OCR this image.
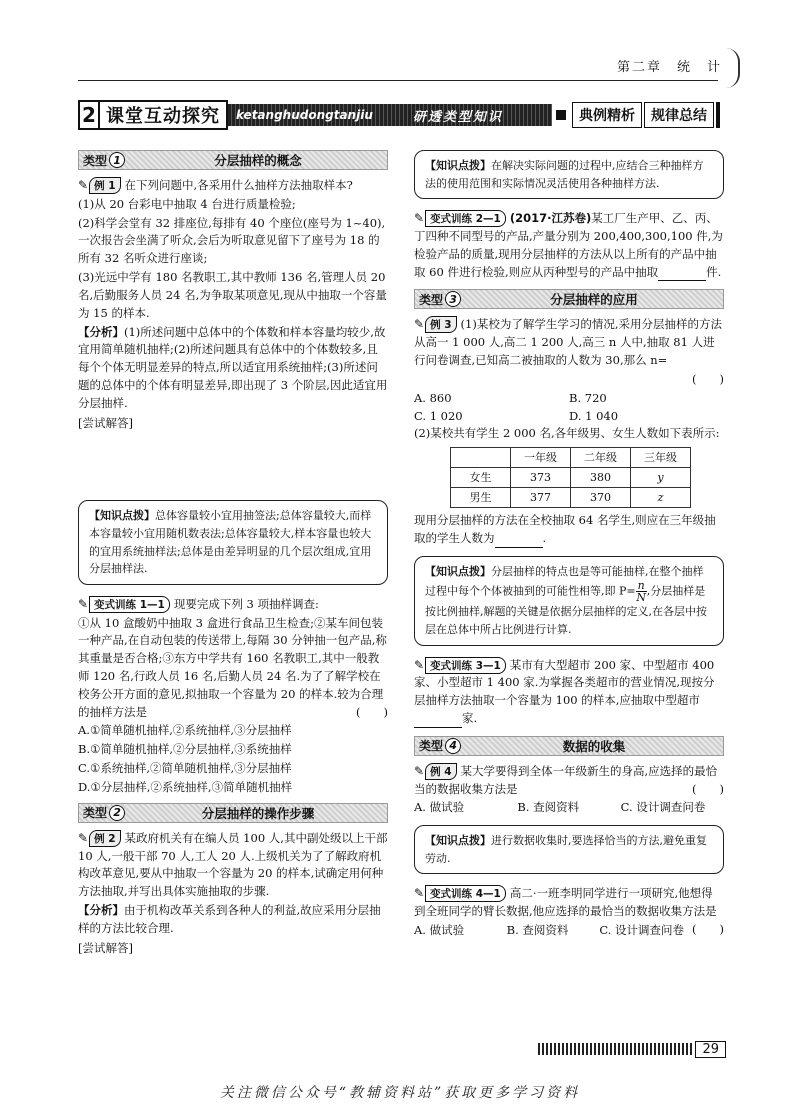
第二章　统　计
2 课堂互动探究	ketanghudongtanjiu	研透类型知识	典例精析	规律总结
类型 1	分层抽样的概念

✎ 例 1 在下列问题中,各采用什么抽样方法抽取样本?

(1)从 20 台彩电中抽取 4 台进行质量检验;

(2)科学会堂有 32 排座位,每排有 40 个座位(座号为 1~40),一次报告会坐满了听众,会后为听取意见留下了座号为 18 的所有 32 名听众进行座谈;

(3)光远中学有 180 名教职工,其中教师 136 名,管理人员 20 名,后勤服务人员 24 名,为争取某项意见,现从中抽取一个容量为 15 的样本.

【分析】(1)所述问题中总体中的个体数和样本容量均较少,故宜用简单随机抽样;(2)所述问题具有总体中的个体数较多,且每个个体无明显差异的特点,所以适宜用系统抽样;(3)所述问题的总体中的个体有明显差异,即出现了 3 个阶层,因此适宜用分层抽样.

[尝试解答]

【知识点拨】总体容量较小宜用抽签法;总体容量较大,而样本容量较小宜用随机数表法;总体容量较大,样本容量也较大的宜用系统抽样法;总体是由差异明显的几个层次组成,宜用分层抽样法.

✎ 变式训练 1—1 现要完成下列 3 项抽样调查:

①从 10 盒酸奶中抽取 3 盒进行食品卫生检查;②某车间包装一种产品,在自动包装的传送带上,每隔 30 分钟抽一包产品,称其重量是否合格;③东方中学共有 160 名教职工,其中一般教师 120 名,行政人员 16 名,后勤人员 24 名.为了了解学校在校务公开方面的意见,拟抽取一个容量为 20 的样本.较为合理的抽样方法是	(　　)

A.①简单随机抽样,②系统抽样,③分层抽样

B.①简单随机抽样,②分层抽样,③系统抽样

C.①系统抽样,②简单随机抽样,③分层抽样

D.①分层抽样,②系统抽样,③简单随机抽样

类型 2	分层抽样的操作步骤

✎ 例 2 某政府机关有在编人员 100 人,其中副处级以上干部 10 人,一般干部 70 人,工人 20 人.上级机关为了了解政府机构改革意见,要从中抽取一个容量为 20 的样本,试确定用何种方法抽取,并写出具体实施抽取的步骤.

【分析】由于机构改革关系到各种人的利益,故应采用分层抽样的方法比较合理.

[尝试解答]

【知识点拨】在解决实际问题的过程中,应结合三种抽样方法的使用范围和实际情况灵活使用各种抽样方法.

✎ 变式训练 2—1 (2017·江苏卷)某工厂生产甲、乙、丙、丁四种不同型号的产品,产量分别为 200,400,300,100 件,为检验产品的质量,现用分层抽样的方法从以上所有的产品中抽取 60 件进行检验,则应从丙种型号的产品中抽取	件.

类型 3	分层抽样的应用

✎ 例 3 (1)某校为了解学生学习的情况,采用分层抽样的方法从高一 1 000 人,高二 1 200 人,高三 n 人中,抽取 81 人进行问卷调查,已知高二被抽取的人数为 30,那么 n=

(　　)

A. 860	B. 720
C. 1 020	D. 1 040

(2)某校共有学生 2 000 名,各年级男、女生人数如下表所示:

	一年级	二年级	三年级
女生	373	380	y
男生	377	370	z

现用分层抽样的方法在全校抽取 64 名学生,则应在三年级抽取的学生人数为	.

【知识点拨】分层抽样的特点也是等可能抽样,在整个抽样过程中每个个体被抽到的可能性相等,即 $P= \frac{n}{N}$ ,分层抽样是按比例抽样,解题的关键是依据分层抽样的定义,在各层中按层在总体中所占比例进行计算.

✎ 变式训练 3—1 某市有大型超市 200 家、中型超市 400 家、小型超市 1 400 家.为掌握各类超市的营业情况,现按分层抽样方法抽取一个容量为 100 的样本,应抽取中型超市家.

类型 4	数据的收集

✎ 例 4 某大学要得到全体一年级新生的身高,应选择的最恰当的数据收集方法是	(　　)

A. 做试验	B. 查阅资料	C. 设计调查问卷
【知识点拨】进行数据收集时,要选择恰当的方法,避免重复劳动.

✎ 变式训练 4—1 高二·一班李明同学进行一项研究,他想得到全班同学的臂长数据,他应选择的最恰当的数据收集方法是
(　　)

A. 做试验	B. 查阅资料	C. 设计调查问卷
29
关注微信公众号“教辅资料站”获取更多学习资料
